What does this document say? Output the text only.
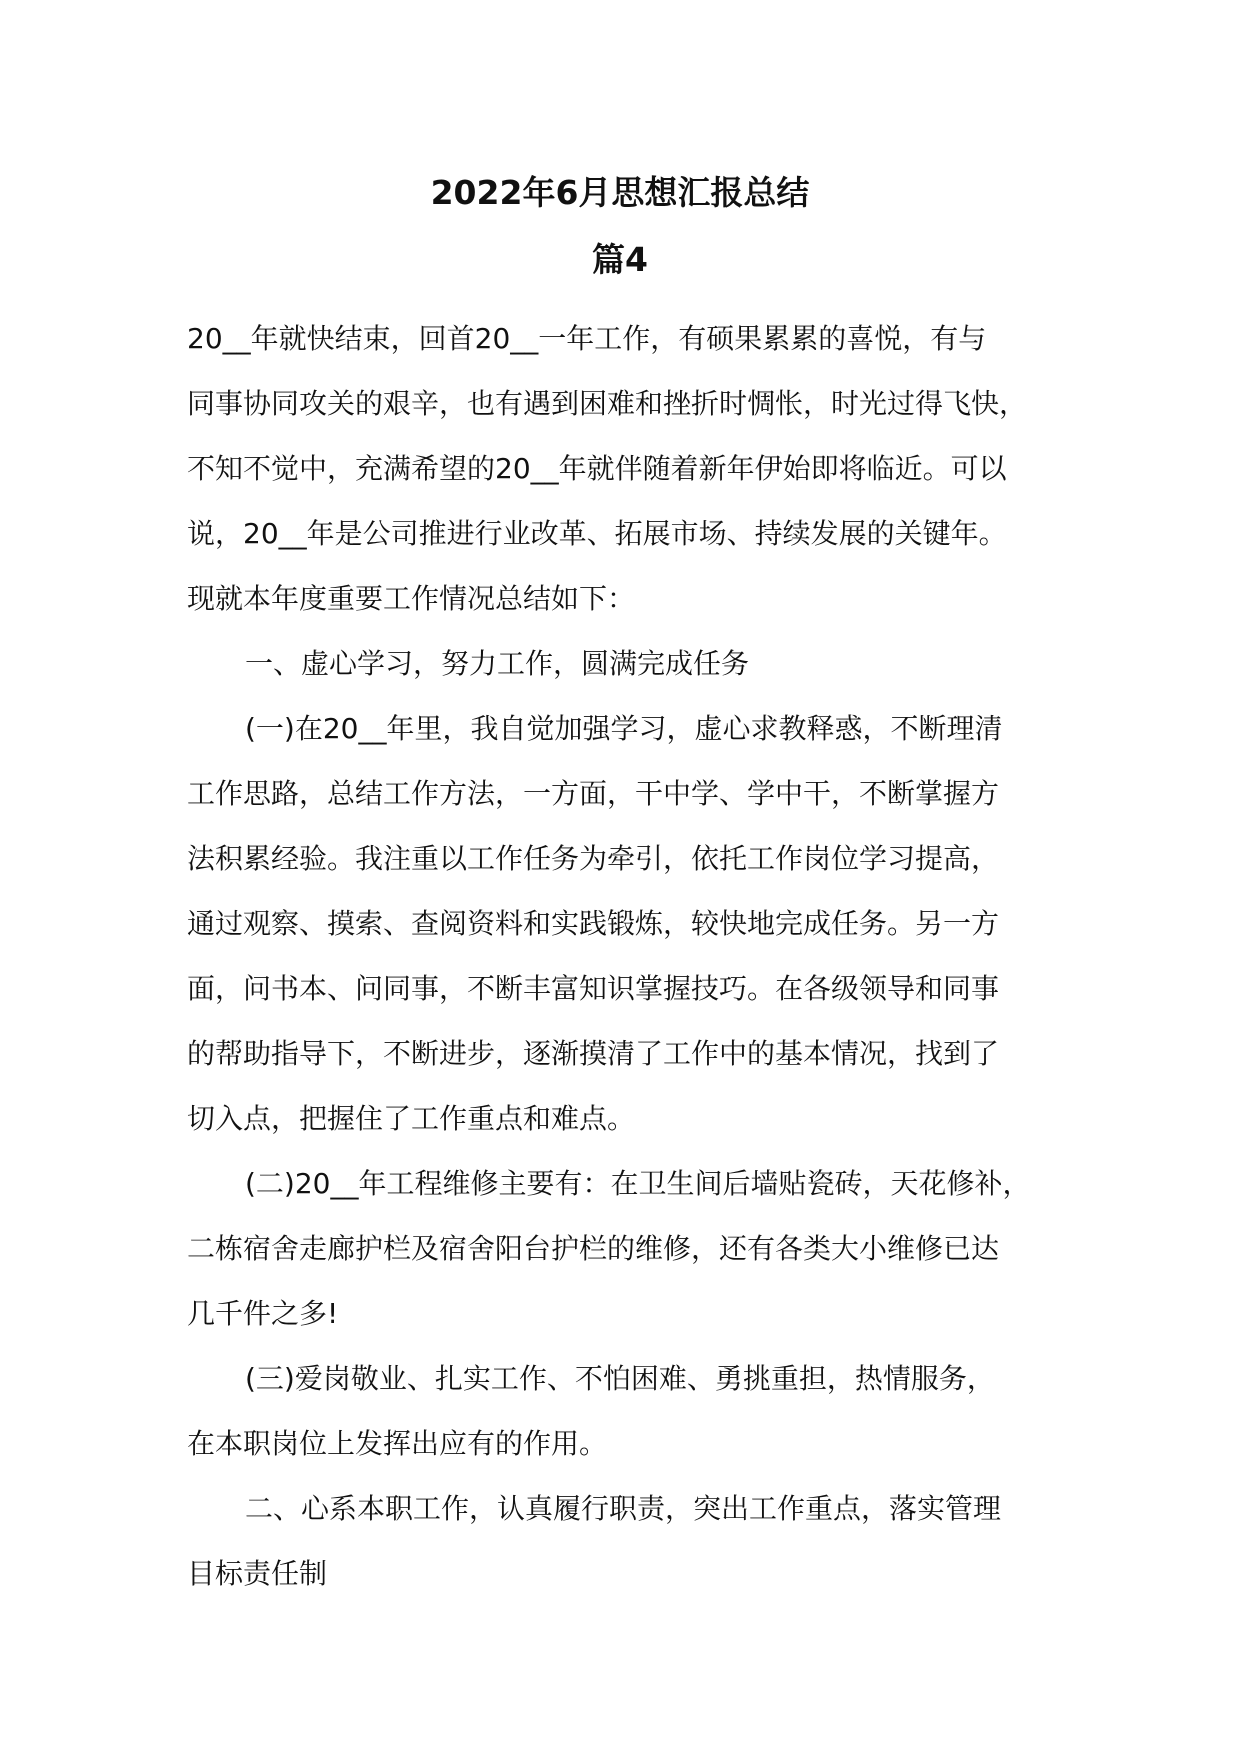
2022年6月思想汇报总结
篇4

20__年就快结束，回首20__一年工作，有硕果累累的喜悦，有与
同事协同攻关的艰辛，也有遇到困难和挫折时惆怅，时光过得飞快，
不知不觉中，充满希望的20__年就伴随着新年伊始即将临近。可以
说，20__年是公司推进行业改革、拓展市场、持续发展的关键年。
现就本年度重要工作情况总结如下：

一、虚心学习，努力工作，圆满完成任务

(一)在20__年里，我自觉加强学习，虚心求教释惑，不断理清
工作思路，总结工作方法，一方面，干中学、学中干，不断掌握方
法积累经验。我注重以工作任务为牵引，依托工作岗位学习提高，
通过观察、摸索、查阅资料和实践锻炼，较快地完成任务。另一方
面，问书本、问同事，不断丰富知识掌握技巧。在各级领导和同事
的帮助指导下，不断进步，逐渐摸清了工作中的基本情况，找到了
切入点，把握住了工作重点和难点。

(二)20__年工程维修主要有：在卫生间后墙贴瓷砖，天花修补，
二栋宿舍走廊护栏及宿舍阳台护栏的维修，还有各类大小维修已达
几千件之多!

(三)爱岗敬业、扎实工作、不怕困难、勇挑重担，热情服务，
在本职岗位上发挥出应有的作用。

二、心系本职工作，认真履行职责，突出工作重点，落实管理
目标责任制
